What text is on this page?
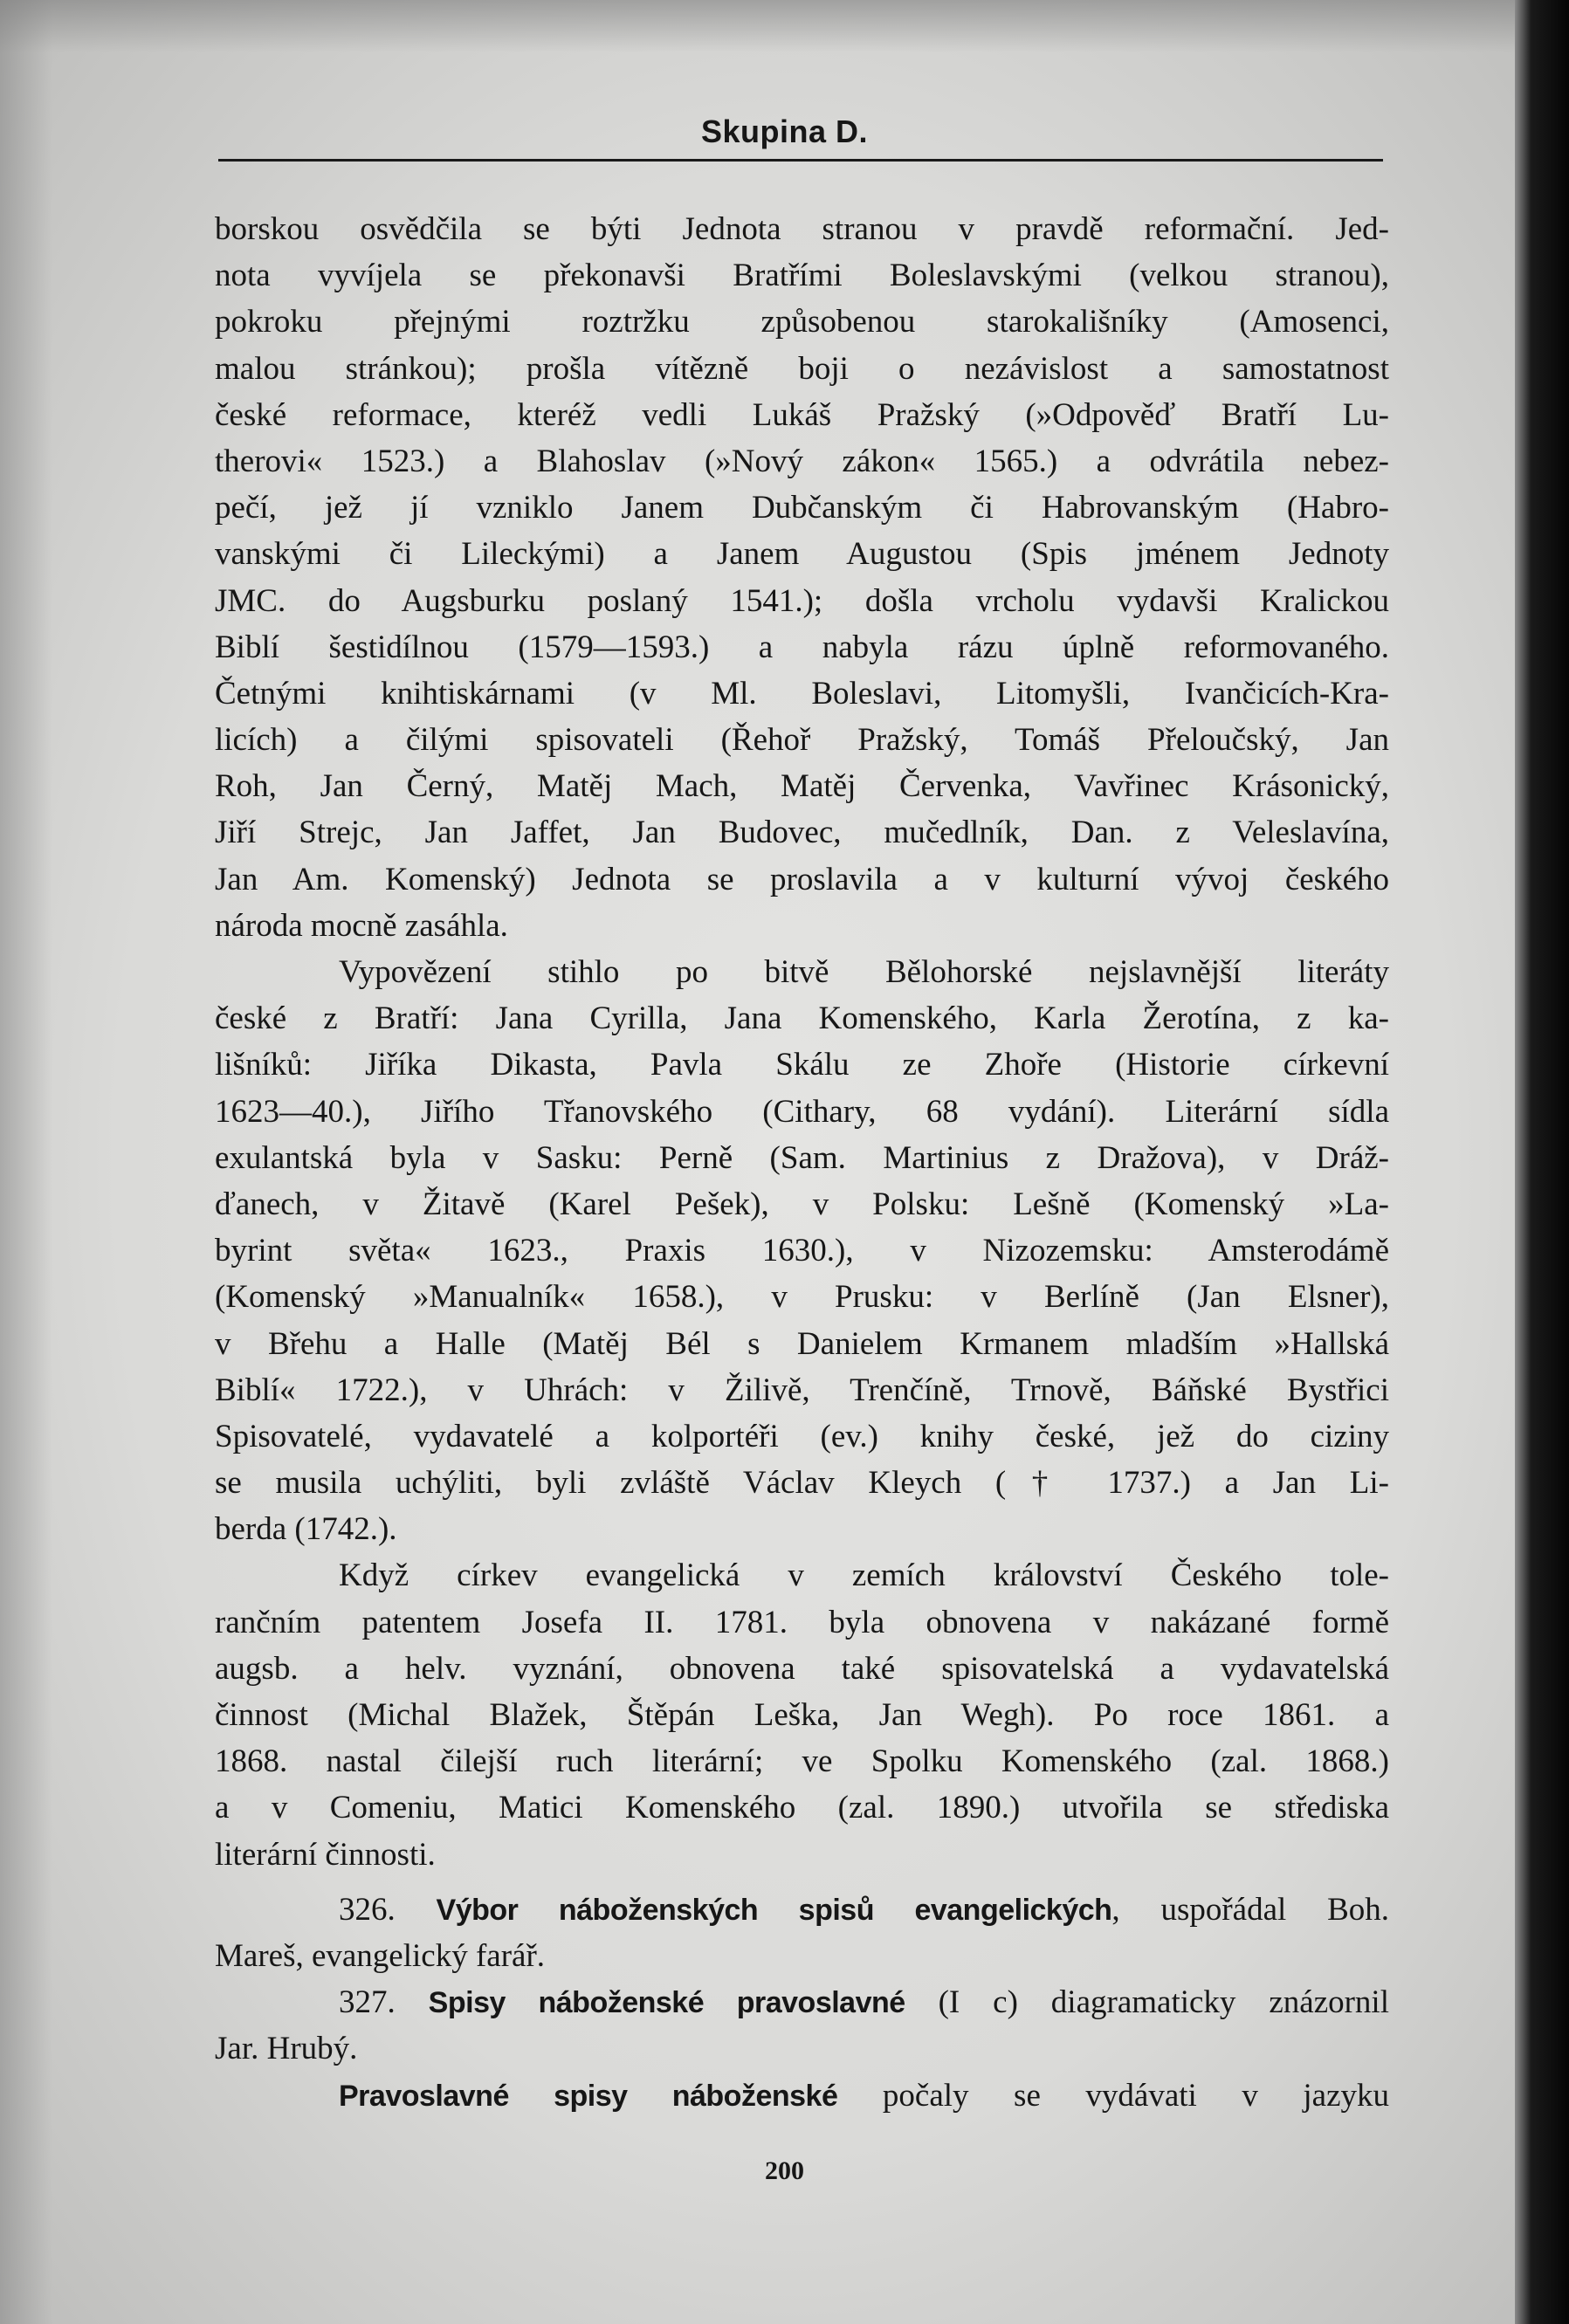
Skupina D.
borskou osvědčila se býti Jednota stranou v pravdě reformační. Jed-
nota vyvíjela se překonavši Bratřími Boleslavskými (velkou stranou),
pokroku přejnými roztržku způsobenou starokališníky (Amosenci,
malou stránkou); prošla vítězně boji o nezávislost a samostatnost
české reformace, kteréž vedli Lukáš Pražský (»Odpověď Bratří Lu-
therovi« 1523.) a Blahoslav (»Nový zákon« 1565.) a odvrátila nebez-
pečí, jež jí vzniklo Janem Dubčanským či Habrovanským (Habro-
vanskými či Lileckými) a Janem Augustou (Spis jménem Jednoty
JMC. do Augsburku poslaný 1541.); došla vrcholu vydavši Kralickou
Biblí šestidílnou (1579—1593.) a nabyla rázu úplně reformovaného.
Četnými knihtiskárnami (v Ml. Boleslavi, Litomyšli, Ivančicích-Kra-
licích) a čilými spisovateli (Řehoř Pražský, Tomáš Přeloučský, Jan
Roh, Jan Černý, Matěj Mach, Matěj Červenka, Vavřinec Krásonický,
Jiří Strejc, Jan Jaffet, Jan Budovec, mučedlník, Dan. z Veleslavína,
Jan Am. Komenský) Jednota se proslavila a v kulturní vývoj českého
národa mocně zasáhla.
Vypovězení stihlo po bitvě Bělohorské nejslavnější literáty
české z Bratří: Jana Cyrilla, Jana Komenského, Karla Žerotína, z ka-
lišníků: Jiříka Dikasta, Pavla Skálu ze Zhoře (Historie církevní
1623—40.), Jiřího Třanovského (Cithary, 68 vydání). Literární sídla
exulantská byla v Sasku: Perně (Sam. Martinius z Dražova), v Dráž-
ďanech, v Žitavě (Karel Pešek), v Polsku: Lešně (Komenský »La-
byrint světa« 1623., Praxis 1630.), v Nizozemsku: Amsterodámě
(Komenský »Manualník« 1658.), v Prusku: v Berlíně (Jan Elsner),
v Břehu a Halle (Matěj Bél s Danielem Krmanem mladším »Hallská
Biblí« 1722.), v Uhrách: v Žilivě, Trenčíně, Trnově, Báňské Bystřici
Spisovatelé, vydavatelé a kolportéři (ev.) knihy české, jež do ciziny
se musila uchýliti, byli zvláště Václav Kleych († 1737.) a Jan Li-
berda (1742.).
Když církev evangelická v zemích království Českého tole-
rančním patentem Josefa II. 1781. byla obnovena v nakázané formě
augsb. a helv. vyznání, obnovena také spisovatelská a vydavatelská
činnost (Michal Blažek, Štěpán Leška, Jan Wegh). Po roce 1861. a
1868. nastal čilejší ruch literární; ve Spolku Komenského (zal. 1868.)
a v Comeniu, Matici Komenského (zal. 1890.) utvořila se střediska
literární činnosti.
326. Výbor náboženských spisů evangelických, uspořádal Boh.
Mareš, evangelický farář.
327. Spisy náboženské pravoslavné (I c) diagramaticky znázornil
Jar. Hrubý.
Pravoslavné spisy náboženské počaly se vydávati v jazyku
200
